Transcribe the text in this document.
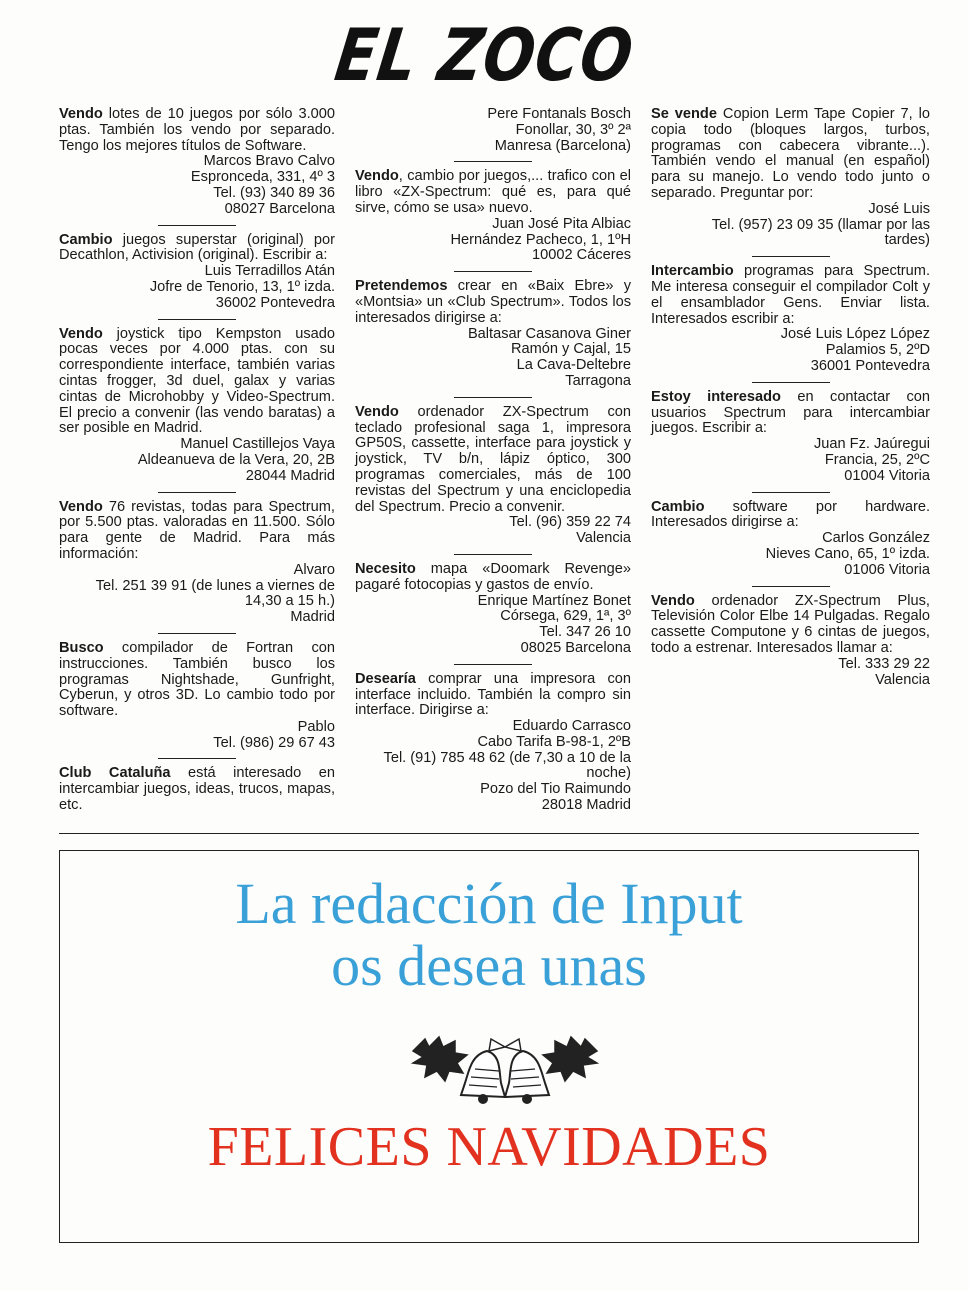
EL ZOCO
Vendo lotes de 10 juegos por sólo 3.000 ptas. También los vendo por separado. Tengo los mejores títulos de Software.
Marcos Bravo Calvo
Espronceda, 331, 4º 3
Tel. (93) 340 89 36
08027 Barcelona
Cambio juegos superstar (original) por Decathlon, Activision (original). Escribir a:
Luis Terradillos Atán
Jofre de Tenorio, 13, 1º izda.
36002 Pontevedra
Vendo joystick tipo Kempston usado pocas veces por 4.000 ptas. con su correspondiente interface, también varias cintas frogger, 3d duel, galax y varias cintas de Microhobby y Video-Spectrum. El precio a convenir (las vendo baratas) a ser posible en Madrid.
Manuel Castillejos Vaya
Aldeanueva de la Vera, 20, 2B
28044 Madrid
Vendo 76 revistas, todas para Spectrum, por 5.500 ptas. valoradas en 11.500. Sólo para gente de Madrid. Para más información:
Alvaro
Tel. 251 39 91 (de lunes a viernes de
14,30 a 15 h.)
Madrid
Busco compilador de Fortran con instrucciones. También busco los programas Nightshade, Gunfright, Cyberun, y otros 3D. Lo cambio todo por software.
Pablo
Tel. (986) 29 67 43
Club Cataluña está interesado en intercambiar juegos, ideas, trucos, mapas, etc.
Pere Fontanals Bosch
Fonollar, 30, 3º 2ª
Manresa (Barcelona)
Vendo, cambio por juegos,... trafico con el libro «ZX-Spectrum: qué es, para qué sirve, cómo se usa» nuevo.
Juan José Pita Albiac
Hernández Pacheco, 1, 1ºH
10002 Cáceres
Pretendemos crear en «Baix Ebre» y «Montsia» un «Club Spectrum». Todos los interesados dirigirse a:
Baltasar Casanova Giner
Ramón y Cajal, 15
La Cava-Deltebre
Tarragona
Vendo ordenador ZX-Spectrum con teclado profesional saga 1, impresora GP50S, cassette, interface para joystick y joystick, TV b/n, lápiz óptico, 300 programas comerciales, más de 100 revistas del Spectrum y una enciclopedia del Spectrum. Precio a convenir.
Tel. (96) 359 22 74
Valencia
Necesito mapa «Doomark Revenge» pagaré fotocopias y gastos de envío.
Enrique Martínez Bonet
Córsega, 629, 1ª, 3º
Tel. 347 26 10
08025 Barcelona
Desearía comprar una impresora con interface incluido. También la compro sin interface. Dirigirse a:
Eduardo Carrasco
Cabo Tarifa B-98-1, 2ºB
Tel. (91) 785 48 62 (de 7,30 a 10 de la
noche)
Pozo del Tio Raimundo
28018 Madrid
Se vende Copion Lerm Tape Copier 7, lo copia todo (bloques largos, turbos, programas con cabecera vibrante...). También vendo el manual (en español) para su manejo. Lo vendo todo junto o separado. Preguntar por:
José Luis
Tel. (957) 23 09 35 (llamar por las
tardes)
Intercambio programas para Spectrum. Me interesa conseguir el compilador Colt y el ensamblador Gens. Enviar lista. Interesados escribir a:
José Luis López López
Palamios 5, 2ºD
36001 Pontevedra
Estoy interesado en contactar con usuarios Spectrum para intercambiar juegos. Escribir a:
Juan Fz. Jaúregui
Francia, 25, 2ºC
01004 Vitoria
Cambio software por hardware. Interesados dirigirse a:
Carlos González
Nieves Cano, 65, 1º izda.
01006 Vitoria
Vendo ordenador ZX-Spectrum Plus, Televisión Color Elbe 14 Pulgadas. Regalo cassette Computone y 6 cintas de juegos, todo a estrenar. Interesados llamar a:
Tel. 333 29 22
Valencia
La redacción de Input
os desea unas
FELICES NAVIDADES
